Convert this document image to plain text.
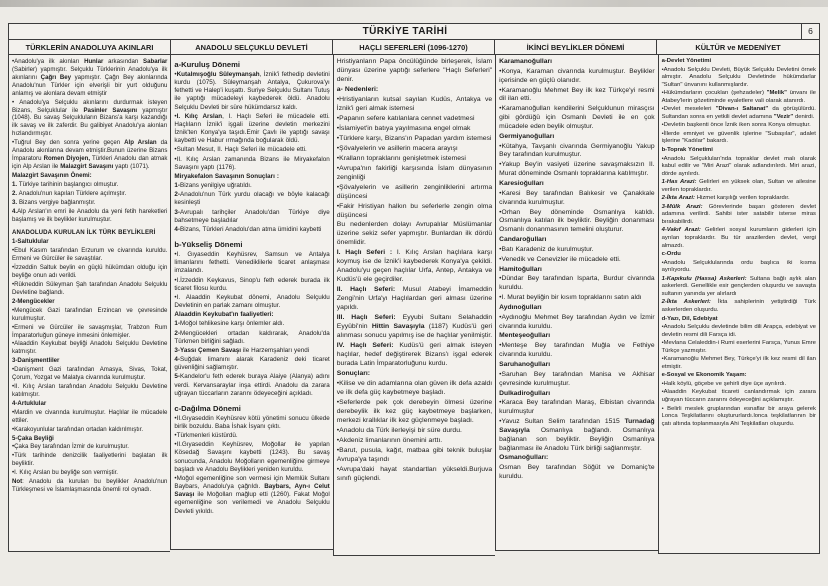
TÜRKİYE TARİHİ	6
TÜRKLERİN ANADOLUYA AKINLARI	ANADOLU SELÇUKLU DEVLETİ	HAÇLI SEFERLERİ (1096-1270)	İKİNCİ BEYLİKLER DÖNEMİ	KÜLTÜR ve MEDENİYET
•Anadolu'ya ilk akınları Hunlar arkasından Sabarlar (Sabirler) yapmıştır. Selçuklu Türklerinin Anadolu'ya ilk akınlarını Çağrı Bey yapmıştır. Çağrı Bey akınlarında Anadolu'nun Türkler için elverişli bir yurt olduğunu anlamış ve akınlara devam etmiştir
• Anadolu'ya Selçuklu akınlarını durdurmak isteyen Bizans, Selçuklular ile Pasinler Savaşını yapmıştır (1048). Bu savaş Selçukluların Bizans'a karşı kazandığı ilk savaş ve ilk zaferdir. Bu galibiyet Anadolu'ya akınları hızlandırmıştır.
•Tuğrul Bey den sonra yerine geçen Alp Arslan da Anadolu akınlarına devam etmiştir.Bunun üzerine Bizans İmparatoru Romen Diyojen, Türkleri Anadolu dan atmak için Alp Arslan ile Malazgirt Savaşını yaptı (1071).
Malazgirt Savaşının Önemi:
1. Türkiye tarihinin başlangıcı olmuştur.
2. Anadolu'nun kapıları Türklere açılmıştır.
3. Bizans vergiye bağlanmıştır.
4.Alp Arslan'ın emri ile Anadolu da yeni fetih hareketleri başlamış ve ilk beylikler kurulmuştur.
ANADOLUDA KURULAN İLK TÜRK BEYLİKLERİ
1-Saltuklular
•Ebul Kasım tarafından Erzurum ve civarında kuruldu. Ermeni ve Gürcüler ile savaştılar.
•İzzeddin Saltuk beylin en güçlü hükümdarı olduğu için beyliğe onun adı verildi.
•Rükneddin Süleyman Şah tarafından Anadolu Selçuklu Devletine bağlandı.
2-Mengücekler
•Mengücek Gazi tarafından Erzincan ve çevresinde kurulmuştur.
•Ermeni ve Gürcüler ile savaşmışlar, Trabzon Rum İmparatorluğun güneye inmesini önlemişler.
•Alaaddin Keykubat beyliği Anadolu Selçuklu Devletine katmıştır.
3-Danişmentliler
•Danişment Gazi tarafından Amasya, Sivas, Tokat, Çorum, Yozgat ve Malatya civarında kurulmuştur.
•II. Kılıç Arslan tarafından Anadolu Selçuklu Devletine katılmıştır.
4-Artuklular
•Mardin ve civarında kurulmuştur. Haçlılar ile mücadele ettiler.
•Karakoyunlular tarafından ortadan kaldırılmıştır.
5-Çaka Beyliği
•Çaka Bey tarafından İzmir de kurulmuştur.
•Türk tarihinde denizcilik faaliyetlerini başlatan ilk beyliktir.
•I. Kılıç Arslan bu beyliğe son vermiştir.
Not: Anadolu da kurulan bu beylikler Anadolu'nun Türkleşmesi ve İslamlaşmasında önemli rol oynadı.
a-Kuruluş Dönemi
•Kutalmışoğlu Süleymanşah, İznik'i fethedip devletini kurdu (1075). Süleymanşah Antalya, Çukurova'yı fethetti ve Halep'i kuşattı. Suriye Selçuklu Sultanı Tutuş ile yaptığı mücadeleyi kaybederek öldü. Anadolu Selçuklu Devleti bir süre hükümdarsız kaldı.
•I. Kılıç Arslan, I. Haçlı Seferi ile mücadele etti. Haçlıların İznik'i işgali üzerine devletin merkezini İznik'ten Konya'ya taşıdı.Emir Çavlı ile yaptığı savaşı kaybetti ve Habur ırmağında boğularak öldü.
•Sultan Mesut, II. Haçlı Seferi ile mücadele etti.
•II. Kılıç Arslan zamanında Bizans ile Miryakefalon Savaşını yaptı (1176).
Miryakefalon Savaşının Sonuçları :
1-Bizans yenilgiye uğratıldı.
2-Anadolu'nun Türk yurdu olacağı ve böyle kalacağı kesinleşti
3-Avrupalı tarihçiler Anadolu'dan Türkiye diye bahsetmeye başladılar
4-Bizans, Türkleri Anadolu'dan atma ümidini kaybetti
b-Yükseliş Dönemi
•I. Gıyaseddin Keyhüsrev, Samsun ve Antalya limanlarını fethetti. Venediklilerle ticaret anlaşması imzalandı.
•I.İzzeddin Keykavus, Sinop'u feth ederek burada ilk ticaret filosu kurdu.
•I. Alaaddin Keykubat dönemi, Anadolu Selçuklu Devletinin en parlak zamanı olmuştur.
Alaaddin Keykubat'ın faaliyetleri:
1-Moğol tehlikesine karşı önlemler aldı.
2-Mengücekleri ortadan kaldırarak, Anadolu'da Türkmen birliğini sağladı.
3-Yassı Çemen Savaşı ile Harzemşahları yendi
4-Suğdak limanını alarak Karadeniz deki ticaret güvenliğini sağlamıştır.
5-Kandelor'u feth ederek buraya Alaiye (Alanya) adını verdi. Kervansaraylar inşa ettirdi. Anadolu da zarara uğrayan tüccarların zararını ödeyeceğini açıkladı.
c-Dağılma Dönemi
•II.Gıyaseddin Keyhüsrev kötü yönetimi sonucu ülkede birlik bozuldu. Baba İshak İsyanı çıktı.
•Türkmenleri küstürdü.
•II.Gıyaseddin Keyhüsrev, Moğollar ile yapılan Kösedağ Savaşını kaybetti (1243). Bu savaş sonucunda, Anadolu Moğolların egemenliğine girmeye başladı ve Anadolu Beylikleri yeniden kuruldu.
•Moğol egemenliğine son vermesi için Memlük Sultanı Baybars, Anadolu'ya çağrıldı. Baybars, Ayn-ı Celut Savaşı ile Moğolları mağlup etti (1260). Fakat Moğol egemenliğine son verilemedi ve Anadolu Selçuklu Devleti yıkıldı.
Hristiyanların Papa öncülüğünde birleşerek, İslam dünyası üzerine yaptığı seferlere "Haçlı Seferleri" denir.
a- Nedenleri:
•Hristiyanların kutsal sayılan Kudüs, Antakya ve İznik'i geri almak istemesi
•Papanın sefere katılanlara cennet vadetmesi
•İslamiyet'in batıya yayılmasına engel olmak
•Türklere karşı, Bizans'ın Papadan yardım istemesi
•Şövalyelerin ve asillerin macera arayışı
•Kralların topraklarını genişletmek istemesi
•Avrupa'nın fakirliği karşısında İslam dünyasının zenginliği
•Şövalyelerin ve asillerin zenginliklerini artırma düşüncesi
•Fakir Hristiyan halkın bu seferlerle zengin olma düşüncesi
Bu nedenlerden dolayı Avrupalılar Müslümanlar üzerine sekiz sefer yapmıştır. Bunlardan ilk dördü önemlidir.
I. Haçlı Seferi : I. Kılıç Arslan haçlılara karşı koymuş ise de İznik'i kaybederek Konya'ya çekildi. Anadolu'yu geçen haçlılar Urfa, Antep, Antakya ve Kudüs'ü ele geçirdiler.
II. Haçlı Seferi: Musul Atabeyi İmameddin Zengi'nin Urfa'yı Haçlılardan geri alması üzerine yapıldı.
III. Haçlı Seferi: Eyyubi Sultanı Selahaddin Eyyübi'nin Hittin Savaşıyla (1187) Kudüs'ü geri alınması sonucu yapılmış ise de haçlılar yenilmiştir.
IV. Haçlı Seferi: Kudüs'ü geri almak isteyen haçlılar, hedef değiştirerek Bizans'ı işgal ederek burada Latin İmparatorluğunu kurdu.
Sonuçları:
•Kilise ve din adamlarına olan güven ilk defa azaldı ve ilk defa güç kaybetmeye başladı.
•Seferlerde pek çok derebeyin ölmesi üzerine derebeylik ilk kez güç kaybetmeye başlarken, merkezi krallıklar ilk kez güçlenmeye başladı.
•Anadolu da Türk ilerleyişi bir süre durdu.
•Akdeniz limanlarının önemini arttı.
•Barut, pusula, kağıt, matbaa gibi teknik buluşlar Avrupa'ya taşındı
•Avrupa'daki hayat standartları yükseldi.Burjuva sınıfı güçlendi.
Karamanoğulları
•Konya, Karaman civarında kurulmuştur. Beylikler içerisinde en güçlü olanıdır.
•Karamanoğlu Mehmet Bey ilk kez Türkçe'yi resmi dil ilan etti.
•Karamanoğulları kendilerini Selçuklunun mirasçısı gibi gördüğü için Osmanlı Devleti ile en çok mücadele eden beylik olmuştur.
Germiyanoğulları
•Kütahya, Tavşanlı civarında Germiyanoğlu Yakup Bey tarafından kurulmuştur.
•Yakup Bey'in vasiyeti üzerine savaşmaksızın II. Murat döneminde Osmanlı topraklarına katılmıştır.
Karesioğulları
•Karesi Bey tarafından Balıkesir ve Çanakkale civarında kurulmuştur.
•Orhan Bey döneminde Osmanlıya katıldı. Osmanlıya katılan ilk beyliktir. Beyliğin donanması Osmanlı donanmasının temelini oluşturur.
Candaroğulları
•Batı Karadeniz de kurulmuştur.
•Venedik ve Cenevizler ile mücadele etti.
Hamitoğulları
•Dündar Bey tarafından Isparta, Burdur civarında kuruldu.
•I. Murat beyliğin bir kısım topraklarını satın aldı
Aydınoğulları
•Aydınoğlu Mehmet Bey tarafından Aydın ve İzmir civarında kuruldu.
Menteşeoğulları
•Menteşe Bey tarafından Muğla ve Fethiye civarında kuruldu.
Saruhanoğulları
•Saruhan Bey tarafından Manisa ve Akhisar çevresinde kurulmuştur.
Dulkadiroğulları
•Karaca Bey tarafından Maraş, Elbistan civarında kurulmuştur
•Yavuz Sultan Selim tarafından 1515 Turnadağ Savaşıyla Osmanlıya bağlandı. Osmanlıya bağlanan son beyliktir. Beyliğin Osmanlıya bağlanması ile Anadolu Türk birliği sağlanmıştır.
Osmanoğulları:
Osman Bey tarafından Söğüt ve Domaniç'te kuruldu.
a-Devlet Yönetimi
•Anadolu Selçuklu Devleti, Büyük Selçuklu Devletini örnek almıştır. Anadolu Selçuklu Devletinde hükümdarlar "Sultan" ünvanını kullanmışlardır.
•Hükümdarların çocukları (şehzadeler) "Melik" ünvanı ile Atabey'lerin gözetiminde eyaletlere vali olarak atanırdı.
•Devlet meseleleri "Divan-ı Saltanat" da görüşülürdü. Sultandan sonra en yetkili devlet adamına "Vezir" denirdi.
•Devletin başkenti önce İznik iken sonra Konya olmuştur.
•İllerde emniyet ve güvenlik işlerine "Subaşılar", adalet işlerine "Kadılar" bakardı.
b-Toprak Yönetimi
•Anadolu Selçukluları'nda topraklar devlet malı olarak kabul edilir ve "Miri Arazi" olarak adlandırılırdı. Miri arazi, dörde ayrılırdı.
1-Has Arazi: Gelirleri en yüksek olan, Sultan ve ailesine verilen topraklardır.
2-İkta Arazi: Hizmet karşılığı verilen topraklardır.
3-Mülk Arazi: Görevlerinde başarı gösteren devlet adamına verilirdi. Sahibi ister satabilir isterse miras bırakabilirdi.
4-Vakıf Arazi: Gelirleri sosyal kurumların giderleri için ayrılan topraklardır. Bu tür arazilerden devlet, vergi almazdı.
c-Ordu
•Anadolu Selçuklularında ordu başlıca iki kısma ayrılıyordu.
1-Kapıkulu (Hassa) Askerleri: Sultana bağlı aylık alan askerlerdi. Genellikle esir gençlerden oluşurdu ve savaşta sultanın yanında yer alırlardı
2-İkta Askerleri: İkta sahiplerinin yetiştirdiği Türk askerlerden oluşurdu.
d-Yazı, Dil, Edebiyat
•Anadolu Selçuklu devletinde bilim dili Arapça, edebiyat ve devletin resmi dili Farsça idi.
•Mevlana Celaleddin-i Rumi eserlerini Farsça, Yunus Emre Türkçe yazmıştır.
•Karamanoğlu Mehmet Bey, Türkçe'yi ilk kez resmi dil ilan etmiştir.
e-Sosyal ve Ekonomik Yaşam:
•Halk köylü, göçebe ve şehirli diye üçe ayrılırdı.
•Alaaddin Keykubat ticareti canlandırmak için zarara uğrayan tüccarın zararını ödeyeceğini açıklamıştır.
• Belirli meslek gruplarından esnaflar bir araya gelerek Lonca Teşkilatlarını oluştururlardı.lonca teşkilatlarının bir çatı altında toplanmasıyla Ahi Teşkilatları oluşurdu.
